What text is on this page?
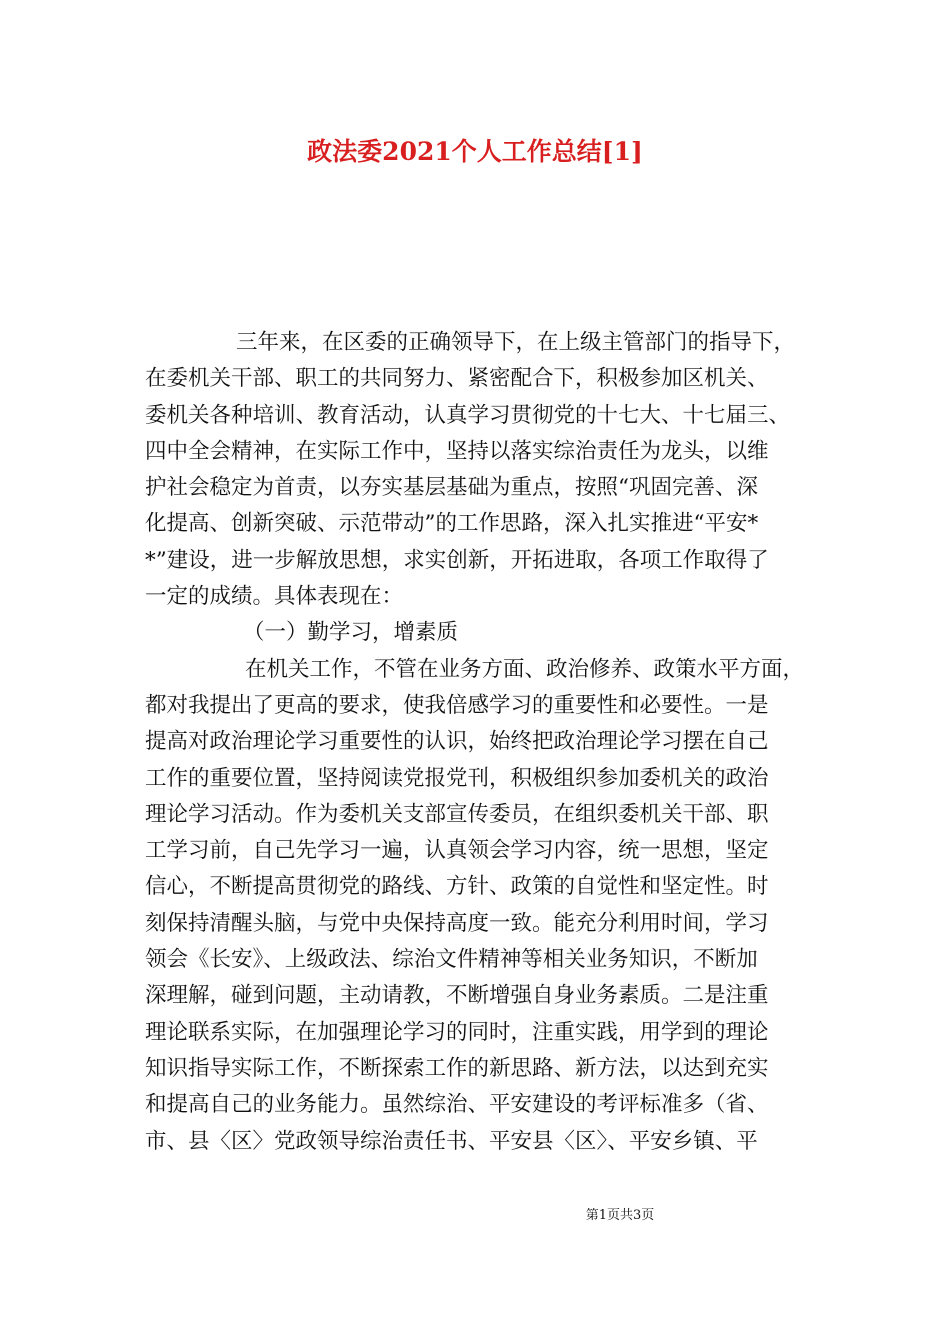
政法委2021个人工作总结[1]
三年来，在区委的正确领导下，在上级主管部门的指导下，
在委机关干部、职工的共同努力、紧密配合下，积极参加区机关、
委机关各种培训、教育活动，认真学习贯彻党的十七大、十七届三、
四中全会精神，在实际工作中，坚持以落实综治责任为龙头，以维
护社会稳定为首责，以夯实基层基础为重点，按照“巩固完善、深
化提高、创新突破、示范带动”的工作思路，深入扎实推进“平安*
*”建设，进一步解放思想，求实创新，开拓进取，各项工作取得了
一定的成绩。具体表现在：
（一）勤学习，增素质
在机关工作，不管在业务方面、政治修养、政策水平方面，
都对我提出了更高的要求，使我倍感学习的重要性和必要性。一是
提高对政治理论学习重要性的认识，始终把政治理论学习摆在自己
工作的重要位置，坚持阅读党报党刊，积极组织参加委机关的政治
理论学习活动。作为委机关支部宣传委员，在组织委机关干部、职
工学习前，自己先学习一遍，认真领会学习内容，统一思想，坚定
信心，不断提高贯彻党的路线、方针、政策的自觉性和坚定性。时
刻保持清醒头脑，与党中央保持高度一致。能充分利用时间，学习
领会《长安》、上级政法、综治文件精神等相关业务知识，不断加
深理解，碰到问题，主动请教，不断增强自身业务素质。二是注重
理论联系实际，在加强理论学习的同时，注重实践，用学到的理论
知识指导实际工作，不断探索工作的新思路、新方法，以达到充实
和提高自己的业务能力。虽然综治、平安建设的考评标准多（省、
市、县〈区〉党政领导综治责任书、平安县〈区〉、平安乡镇、平
第1页共3页
